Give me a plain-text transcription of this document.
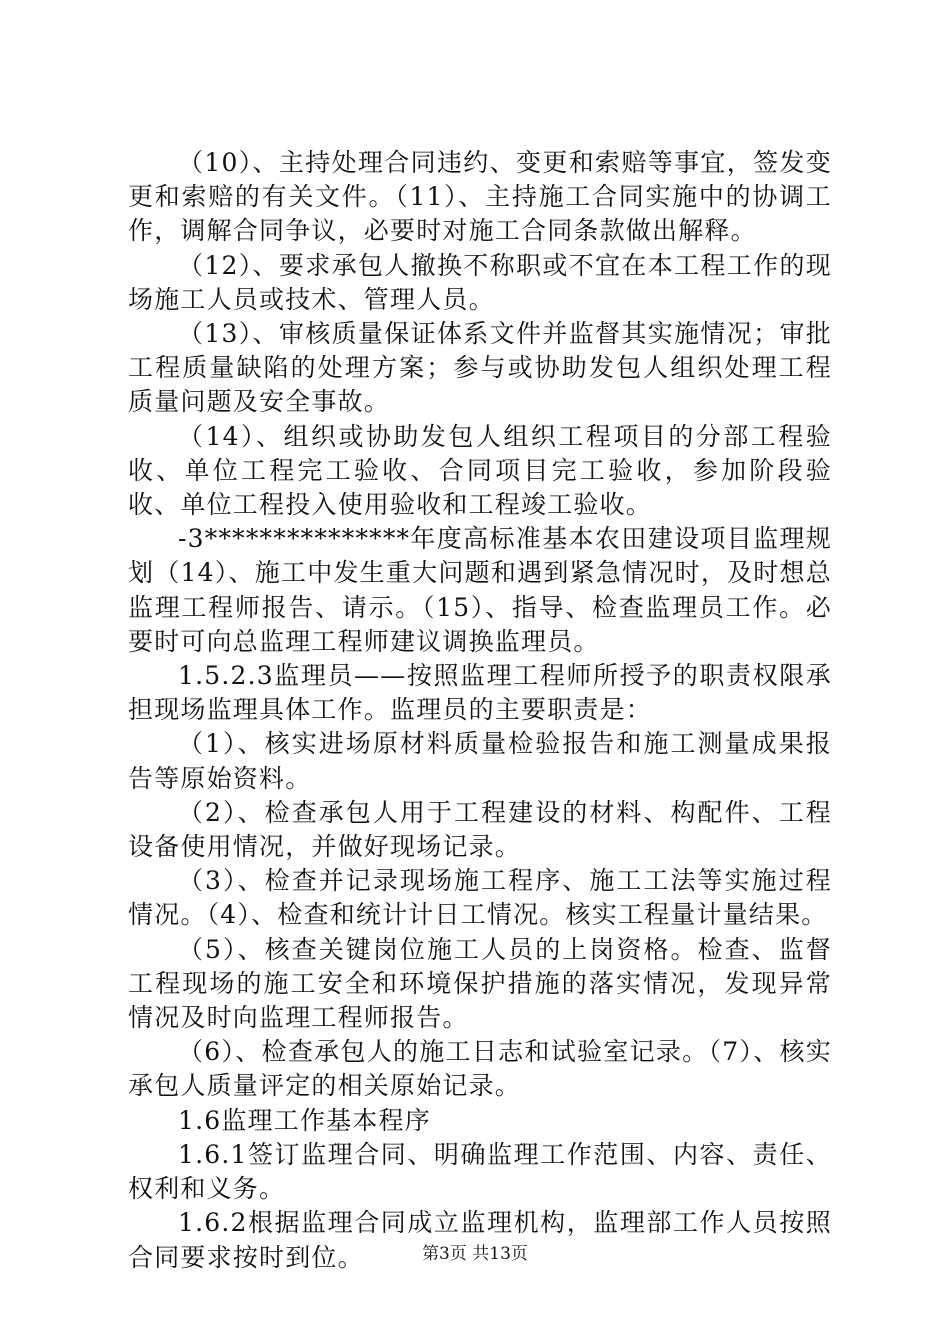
（10）、主持处理合同违约、变更和索赔等事宜，签发变更和索赔的有关文件。（11）、主持施工合同实施中的协调工作，调解合同争议，必要时对施工合同条款做出解释。

（12）、要求承包人撤换不称职或不宜在本工程工作的现场施工人员或技术、管理人员。

（13）、审核质量保证体系文件并监督其实施情况；审批工程质量缺陷的处理方案；参与或协助发包人组织处理工程质量问题及安全事故。

（14）、组织或协助发包人组织工程项目的分部工程验收、单位工程完工验收、合同项目完工验收，参加阶段验收、单位工程投入使用验收和工程竣工验收。

-3***************年度高标准基本农田建设项目监理规划（14）、施工中发生重大问题和遇到紧急情况时，及时想总监理工程师报告、请示。（15）、指导、检查监理员工作。必要时可向总监理工程师建议调换监理员。

1.5.2.3监理员——按照监理工程师所授予的职责权限承担现场监理具体工作。监理员的主要职责是：

（1）、核实进场原材料质量检验报告和施工测量成果报告等原始资料。

（2）、检查承包人用于工程建设的材料、构配件、工程设备使用情况，并做好现场记录。

（3）、检查并记录现场施工程序、施工工法等实施过程情况。（4）、检查和统计计日工情况。核实工程量计量结果。

（5）、核查关键岗位施工人员的上岗资格。检查、监督工程现场的施工安全和环境保护措施的落实情况，发现异常情况及时向监理工程师报告。

（6）、检查承包人的施工日志和试验室记录。（7）、核实承包人质量评定的相关原始记录。

1.6监理工作基本程序

1.6.1签订监理合同、明确监理工作范围、内容、责任、权利和义务。

1.6.2根据监理合同成立监理机构，监理部工作人员按照合同要求按时到位。	第3页 共13页
